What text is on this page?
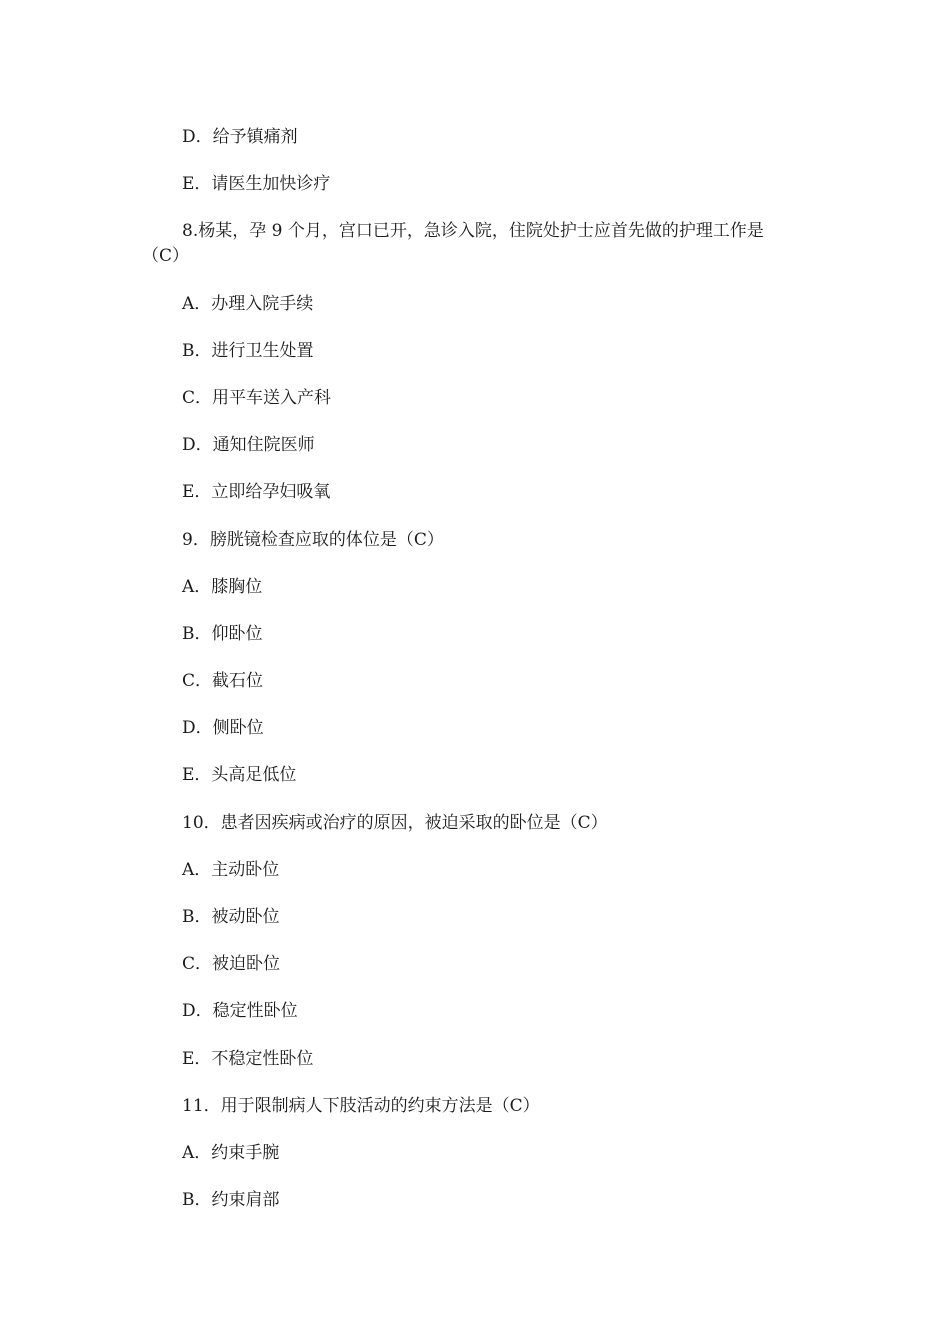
D．给予镇痛剂
E．请医生加快诊疗
8.杨某，孕 9 个月，宫口已开，急诊入院，住院处护士应首先做的护理工作是
（C）
A．办理入院手续
B．进行卫生处置
C．用平车送入产科
D．通知住院医师
E．立即给孕妇吸氧
9．膀胱镜检查应取的体位是（C）
A．膝胸位
B．仰卧位
C．截石位
D．侧卧位
E．头高足低位
10．患者因疾病或治疗的原因，被迫采取的卧位是（C）
A．主动卧位
B．被动卧位
C．被迫卧位
D．稳定性卧位
E．不稳定性卧位
11．用于限制病人下肢活动的约束方法是（C）
A．约束手腕
B．约束肩部
